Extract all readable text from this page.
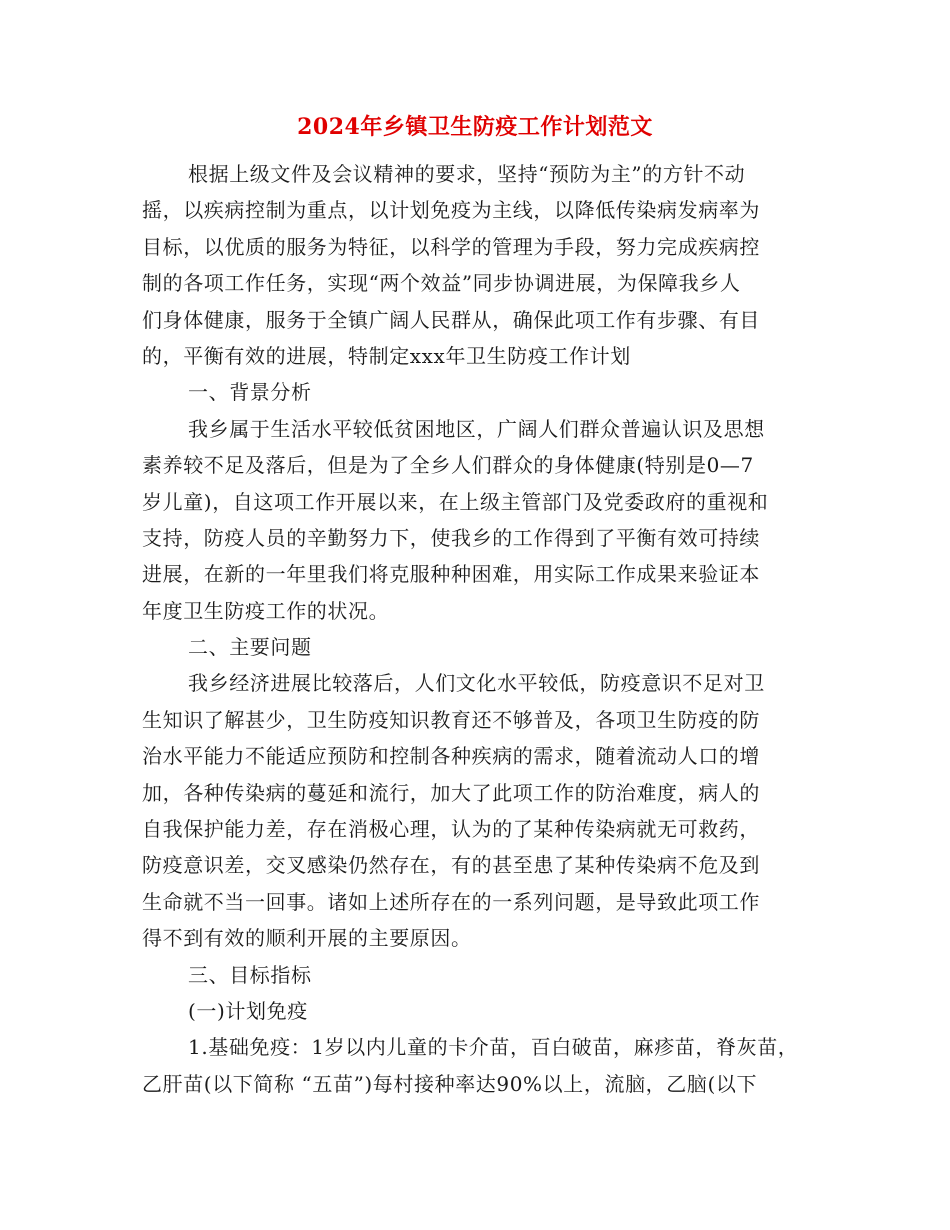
2024年乡镇卫生防疫工作计划范文
根据上级文件及会议精神的要求，坚持“预防为主”的方针不动
摇，以疾病控制为重点，以计划免疫为主线，以降低传染病发病率为
目标，以优质的服务为特征，以科学的管理为手段，努力完成疾病控
制的各项工作任务，实现“两个效益”同步协调进展，为保障我乡人
们身体健康，服务于全镇广阔人民群从，确保此项工作有步骤、有目
的，平衡有效的进展，特制定xxx年卫生防疫工作计划
一、背景分析
我乡属于生活水平较低贫困地区，广阔人们群众普遍认识及思想
素养较不足及落后，但是为了全乡人们群众的身体健康(特别是0—7
岁儿童)，自这项工作开展以来，在上级主管部门及党委政府的重视和
支持，防疫人员的辛勤努力下，使我乡的工作得到了平衡有效可持续
进展，在新的一年里我们将克服种种困难，用实际工作成果来验证本
年度卫生防疫工作的状况。
二、主要问题
我乡经济进展比较落后，人们文化水平较低，防疫意识不足对卫
生知识了解甚少，卫生防疫知识教育还不够普及，各项卫生防疫的防
治水平能力不能适应预防和控制各种疾病的需求，随着流动人口的增
加，各种传染病的蔓延和流行，加大了此项工作的防治难度，病人的
自我保护能力差，存在消极心理，认为的了某种传染病就无可救药，
防疫意识差，交叉感染仍然存在，有的甚至患了某种传染病不危及到
生命就不当一回事。诸如上述所存在的一系列问题，是导致此项工作
得不到有效的顺利开展的主要原因。
三、目标指标
(一)计划免疫
1.基础免疫：1岁以内儿童的卡介苗，百白破苗，麻疹苗，脊灰苗，
乙肝苗(以下简称 “五苗”)每村接种率达90%以上，流脑，乙脑(以下
